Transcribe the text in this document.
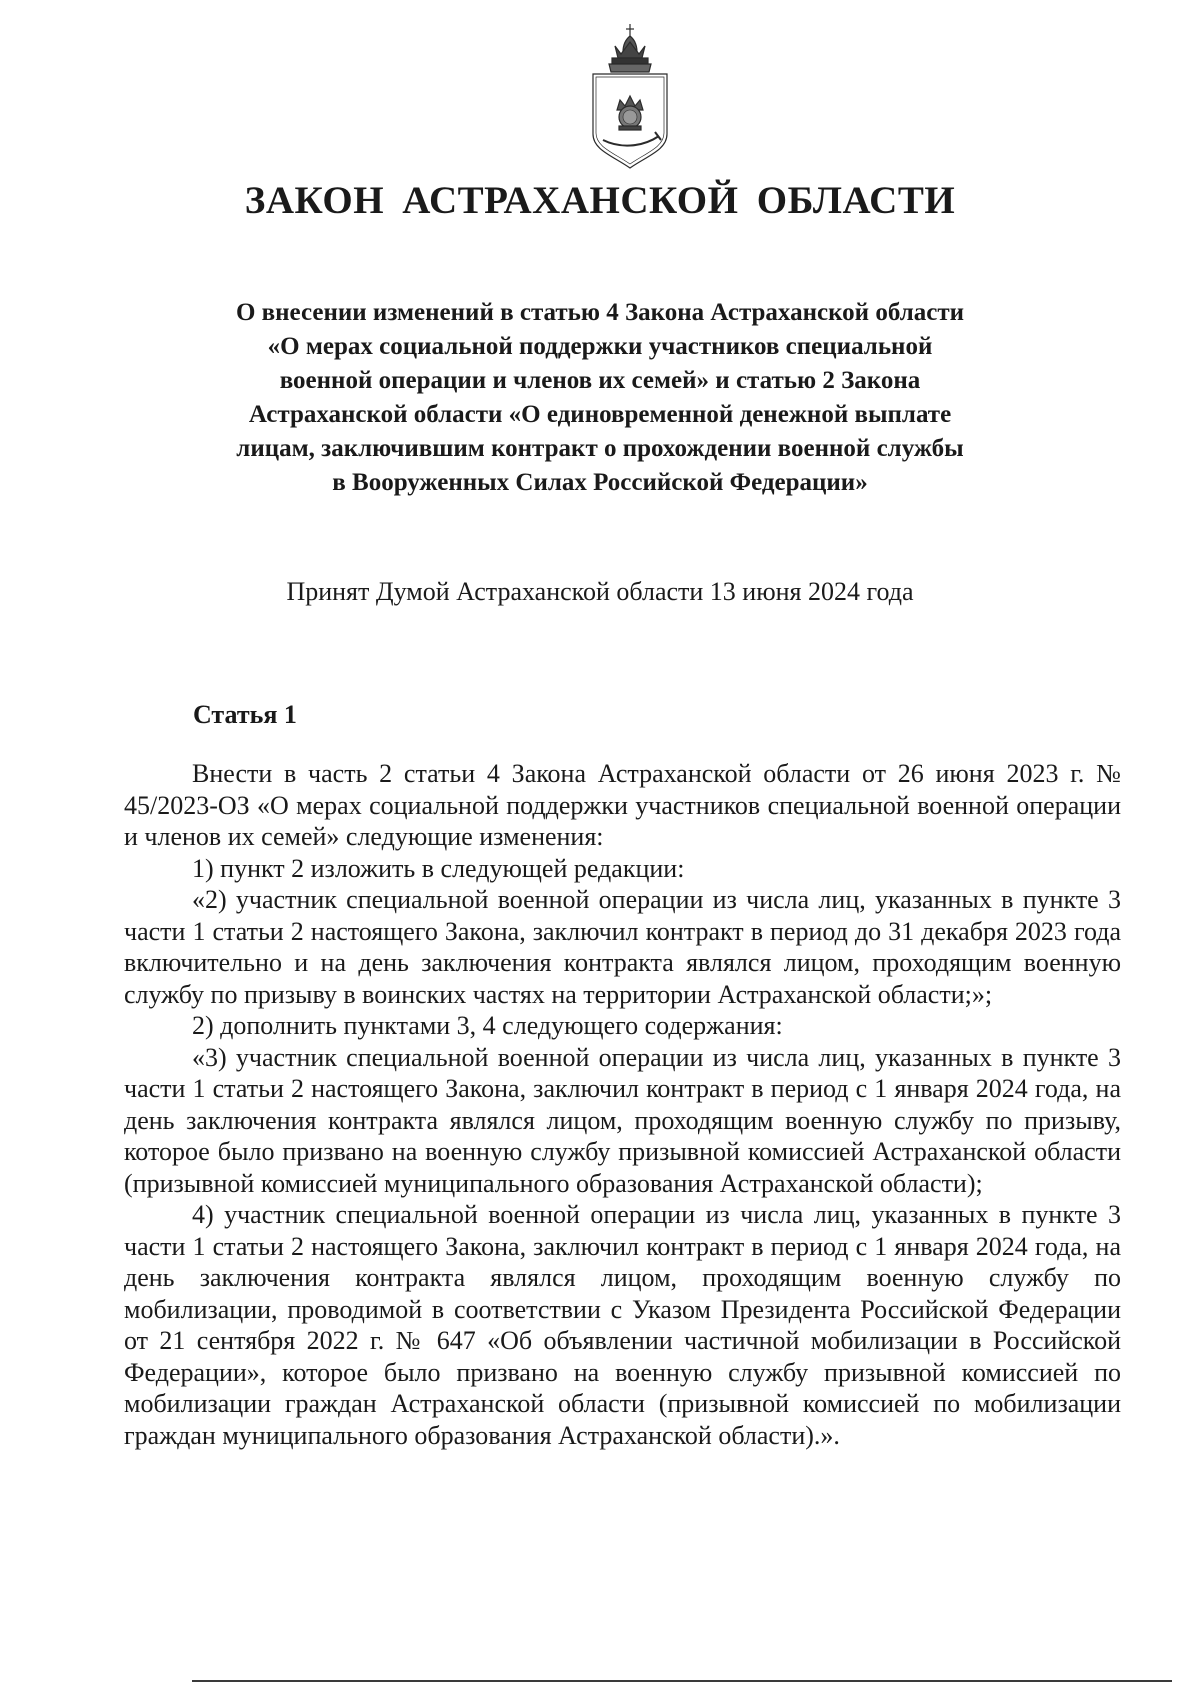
ЗАКОН АСТРАХАНСКОЙ ОБЛАСТИ
О внесении изменений в статью 4 Закона Астраханской области
«О мерах социальной поддержки участников специальной
военной операции и членов их семей» и статью 2 Закона
Астраханской области «О единовременной денежной выплате
лицам, заключившим контракт о прохождении военной службы
в Вооруженных Силах Российской Федерации»
Принят Думой Астраханской области 13 июня 2024 года
Статья 1

Внести в часть 2 статьи 4 Закона Астраханской области от 26 июня 2023 г. № 45/2023-ОЗ «О мерах социальной поддержки участников специальной военной операции и членов их семей» следующие изменения:

1) пункт 2 изложить в следующей редакции:

«2) участник специальной военной операции из числа лиц, указанных в пункте 3 части 1 статьи 2 настоящего Закона, заключил контракт в период до 31 декабря 2023 года включительно и на день заключения контракта являлся лицом, проходящим военную службу по призыву в воинских частях на территории Астраханской области;»;

2) дополнить пунктами 3, 4 следующего содержания:

«3) участник специальной военной операции из числа лиц, указанных в пункте 3 части 1 статьи 2 настоящего Закона, заключил контракт в период с 1 января 2024 года, на день заключения контракта являлся лицом, проходящим военную службу по призыву, которое было призвано на военную службу призывной комиссией Астраханской области (призывной комиссией муниципального образования Астраханской области);

4) участник специальной военной операции из числа лиц, указанных в пункте 3 части 1 статьи 2 настоящего Закона, заключил контракт в период с 1 января 2024 года, на день заключения контракта являлся лицом, проходящим военную службу по мобилизации, проводимой в соответствии с Указом Президента Российской Федерации от 21 сентября 2022 г. № 647 «Об объявлении частичной мобилизации в Российской Федерации», которое было призвано на военную службу призывной комиссией по мобилизации граждан Астраханской области (призывной комиссией по мобилизации граждан муниципального образования Астраханской области).».
